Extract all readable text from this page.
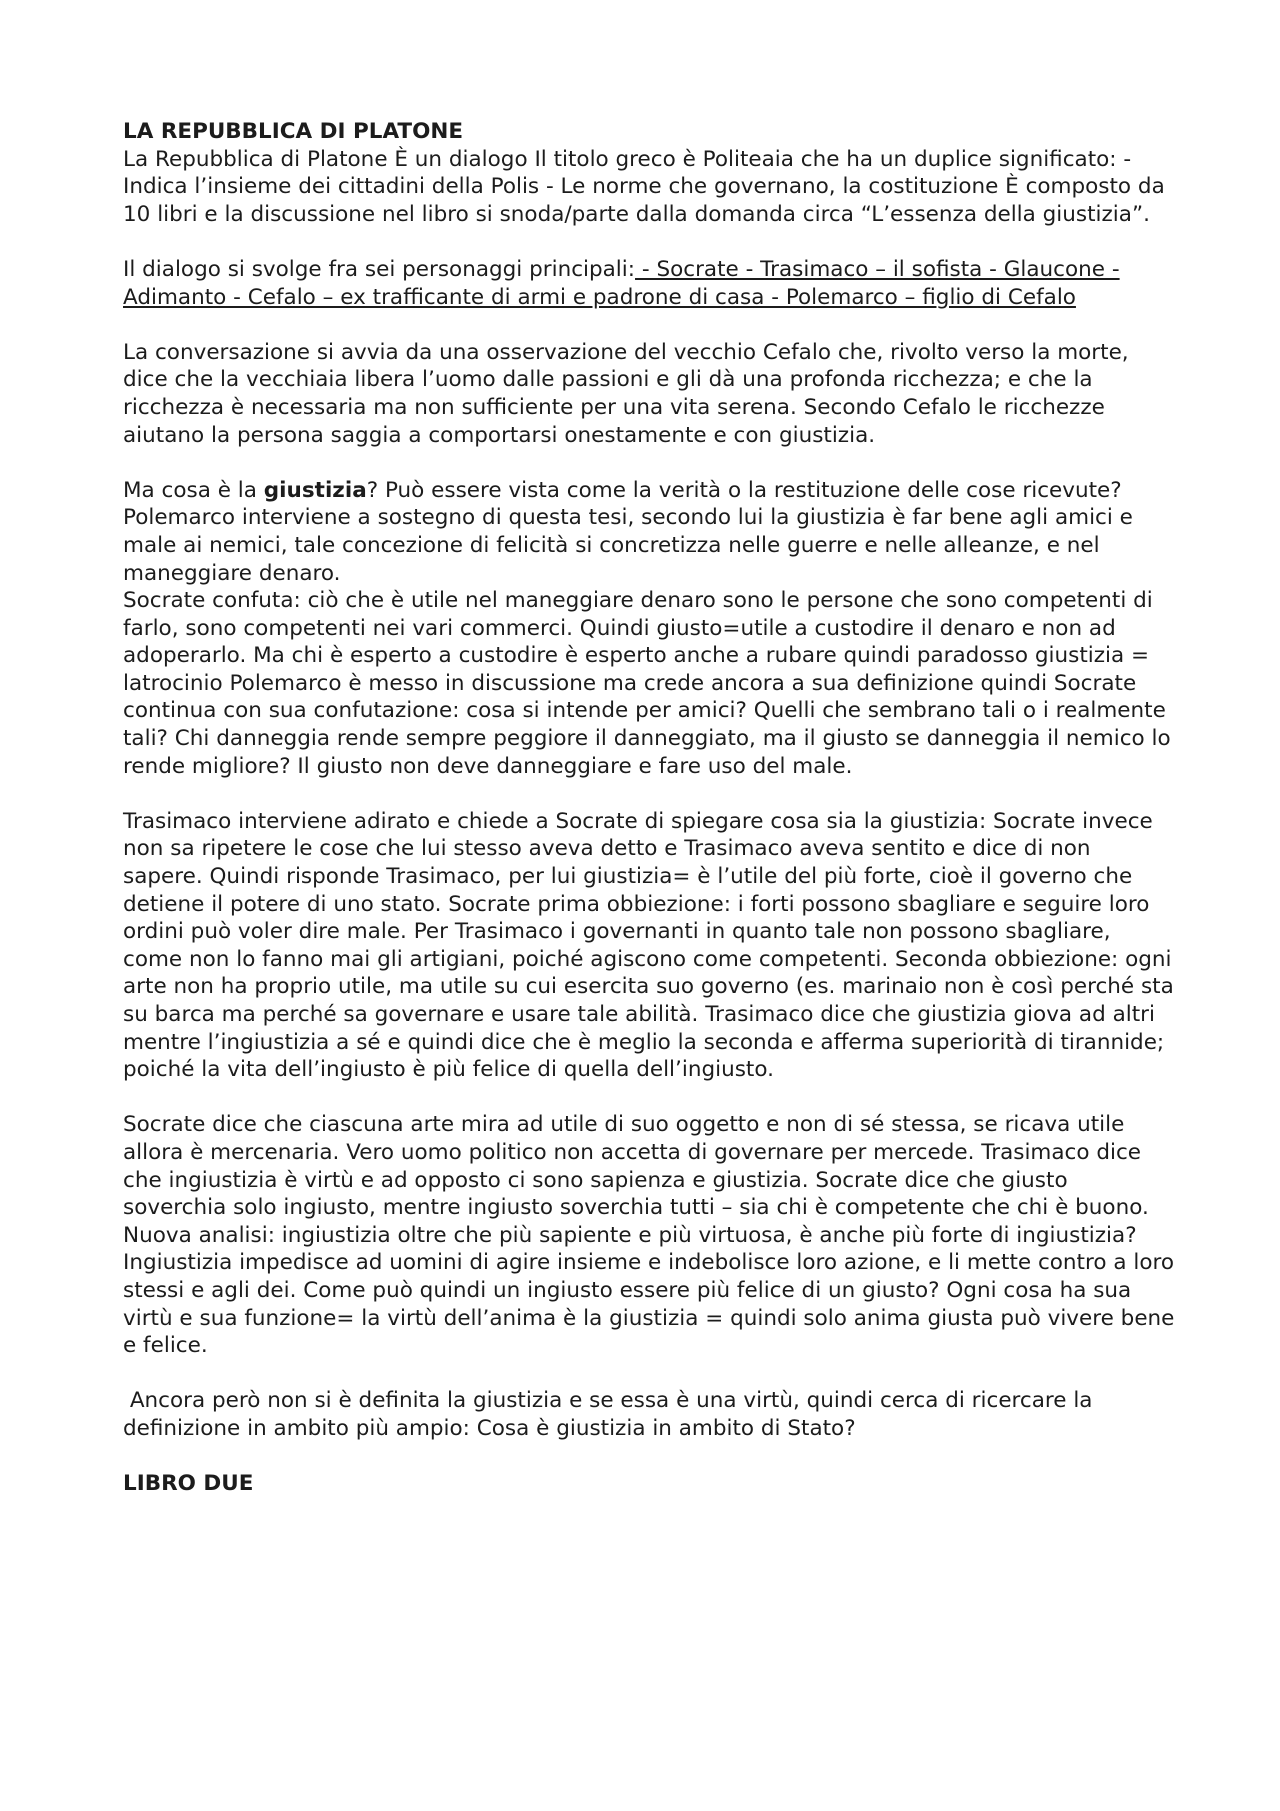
LA REPUBBLICA DI PLATONE

La Repubblica di Platone È un dialogo Il titolo greco è Politeaia che ha un duplice significato: - Indica l’insieme dei cittadini della Polis - Le norme che governano, la costituzione È composto da 10 libri e la discussione nel libro si snoda/parte dalla domanda circa “L’essenza della giustizia”.

Il dialogo si svolge fra sei personaggi principali: - Socrate - Trasimaco – il sofista - Glaucone - Adimanto - Cefalo – ex trafficante di armi e padrone di casa - Polemarco – figlio di Cefalo

La conversazione si avvia da una osservazione del vecchio Cefalo che, rivolto verso la morte, dice che la vecchiaia libera l’uomo dalle passioni e gli dà una profonda ricchezza; e che la ricchezza è necessaria ma non sufficiente per una vita serena. Secondo Cefalo le ricchezze aiutano la persona saggia a comportarsi onestamente e con giustizia.

Ma cosa è la giustizia? Può essere vista come la verità o la restituzione delle cose ricevute? Polemarco interviene a sostegno di questa tesi, secondo lui la giustizia è far bene agli amici e male ai nemici, tale concezione di felicità si concretizza nelle guerre e nelle alleanze, e nel maneggiare denaro.

Socrate confuta: ciò che è utile nel maneggiare denaro sono le persone che sono competenti di farlo, sono competenti nei vari commerci. Quindi giusto=utile a custodire il denaro e non ad adoperarlo. Ma chi è esperto a custodire è esperto anche a rubare quindi paradosso giustizia = latrocinio Polemarco è messo in discussione ma crede ancora a sua definizione quindi Socrate continua con sua confutazione: cosa si intende per amici? Quelli che sembrano tali o i realmente tali? Chi danneggia rende sempre peggiore il danneggiato, ma il giusto se danneggia il nemico lo rende migliore? Il giusto non deve danneggiare e fare uso del male.

Trasimaco interviene adirato e chiede a Socrate di spiegare cosa sia la giustizia: Socrate invece non sa ripetere le cose che lui stesso aveva detto e Trasimaco aveva sentito e dice di non sapere. Quindi risponde Trasimaco, per lui giustizia= è l’utile del più forte, cioè il governo che detiene il potere di uno stato. Socrate prima obbiezione: i forti possono sbagliare e seguire loro ordini può voler dire male. Per Trasimaco i governanti in quanto tale non possono sbagliare, come non lo fanno mai gli artigiani, poiché agiscono come competenti. Seconda obbiezione: ogni arte non ha proprio utile, ma utile su cui esercita suo governo (es. marinaio non è così perché sta su barca ma perché sa governare e usare tale abilità. Trasimaco dice che giustizia giova ad altri mentre l’ingiustizia a sé e quindi dice che è meglio la seconda e afferma superiorità di tirannide; poiché la vita dell’ingiusto è più felice di quella dell’ingiusto.

Socrate dice che ciascuna arte mira ad utile di suo oggetto e non di sé stessa, se ricava utile allora è mercenaria. Vero uomo politico non accetta di governare per mercede. Trasimaco dice che ingiustizia è virtù e ad opposto ci sono sapienza e giustizia. Socrate dice che giusto soverchia solo ingiusto, mentre ingiusto soverchia tutti – sia chi è competente che chi è buono. Nuova analisi: ingiustizia oltre che più sapiente e più virtuosa, è anche più forte di ingiustizia? Ingiustizia impedisce ad uomini di agire insieme e indebolisce loro azione, e li mette contro a loro stessi e agli dei. Come può quindi un ingiusto essere più felice di un giusto? Ogni cosa ha sua virtù e sua funzione= la virtù dell’anima è la giustizia = quindi solo anima giusta può vivere bene e felice.

Ancora però non si è definita la giustizia e se essa è una virtù, quindi cerca di ricercare la definizione in ambito più ampio: Cosa è giustizia in ambito di Stato?

LIBRO DUE
